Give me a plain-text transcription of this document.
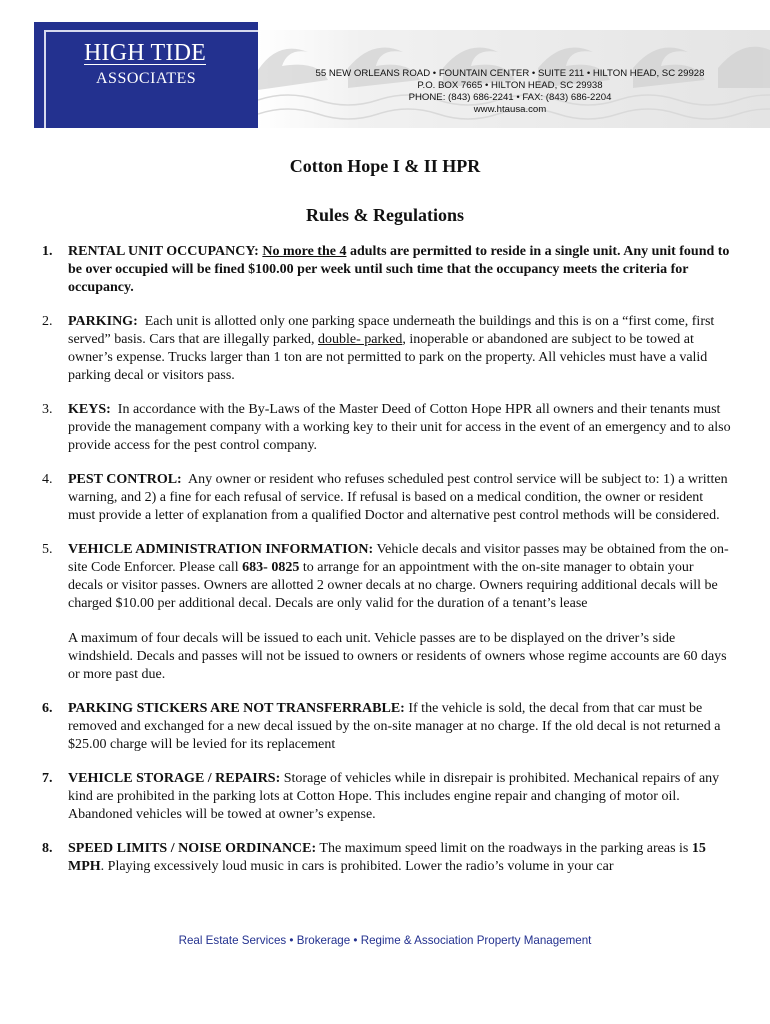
HIGH TIDE
ASSOCIATES	55 NEW ORLEANS ROAD • FOUNTAIN CENTER • SUITE 211 • HILTON HEAD, SC 29928
P.O. BOX 7665 • HILTON HEAD, SC 29938
PHONE: (843) 686-2241 • FAX: (843) 686-2204
www.htausa.com
Cotton Hope I & II HPR
Rules & Regulations
1. RENTAL UNIT OCCUPANCY: No more the 4 adults are permitted to reside in a single unit. Any unit found to be over occupied will be fined $100.00 per week until such time that the occupancy meets the criteria for occupancy.

2. PARKING: Each unit is allotted only one parking space underneath the buildings and this is on a “first come, first served” basis. Cars that are illegally parked, double- parked, inoperable or abandoned are subject to be towed at owner’s expense. Trucks larger than 1 ton are not permitted to park on the property. All vehicles must have a valid parking decal or visitors pass.

3. KEYS: In accordance with the By-Laws of the Master Deed of Cotton Hope HPR all owners and their tenants must provide the management company with a working key to their unit for access in the event of an emergency and to also provide access for the pest control company.

4. PEST CONTROL: Any owner or resident who refuses scheduled pest control service will be subject to: 1) a written warning, and 2) a fine for each refusal of service. If refusal is based on a medical condition, the owner or resident must provide a letter of explanation from a qualified Doctor and alternative pest control methods will be considered.

5. VEHICLE ADMINISTRATION INFORMATION: Vehicle decals and visitor passes may be obtained from the on-site Code Enforcer. Please call 683- 0825 to arrange for an appointment with the on-site manager to obtain your decals or visitor passes. Owners are allotted 2 owner decals at no charge. Owners requiring additional decals will be charged $10.00 per additional decal. Decals are only valid for the duration of a tenant’s lease

A maximum of four decals will be issued to each unit. Vehicle passes are to be displayed on the driver’s side windshield. Decals and passes will not be issued to owners or residents of owners whose regime accounts are 60 days or more past due.

6. PARKING STICKERS ARE NOT TRANSFERRABLE: If the vehicle is sold, the decal from that car must be removed and exchanged for a new decal issued by the on-site manager at no charge. If the old decal is not returned a $25.00 charge will be levied for its replacement

7. VEHICLE STORAGE / REPAIRS: Storage of vehicles while in disrepair is prohibited. Mechanical repairs of any kind are prohibited in the parking lots at Cotton Hope. This includes engine repair and changing of motor oil. Abandoned vehicles will be towed at owner’s expense.

8. SPEED LIMITS / NOISE ORDINANCE: The maximum speed limit on the roadways in the parking areas is 15 MPH. Playing excessively loud music in cars is prohibited. Lower the radio’s volume in your car

Real Estate Services • Brokerage • Regime & Association Property Management
